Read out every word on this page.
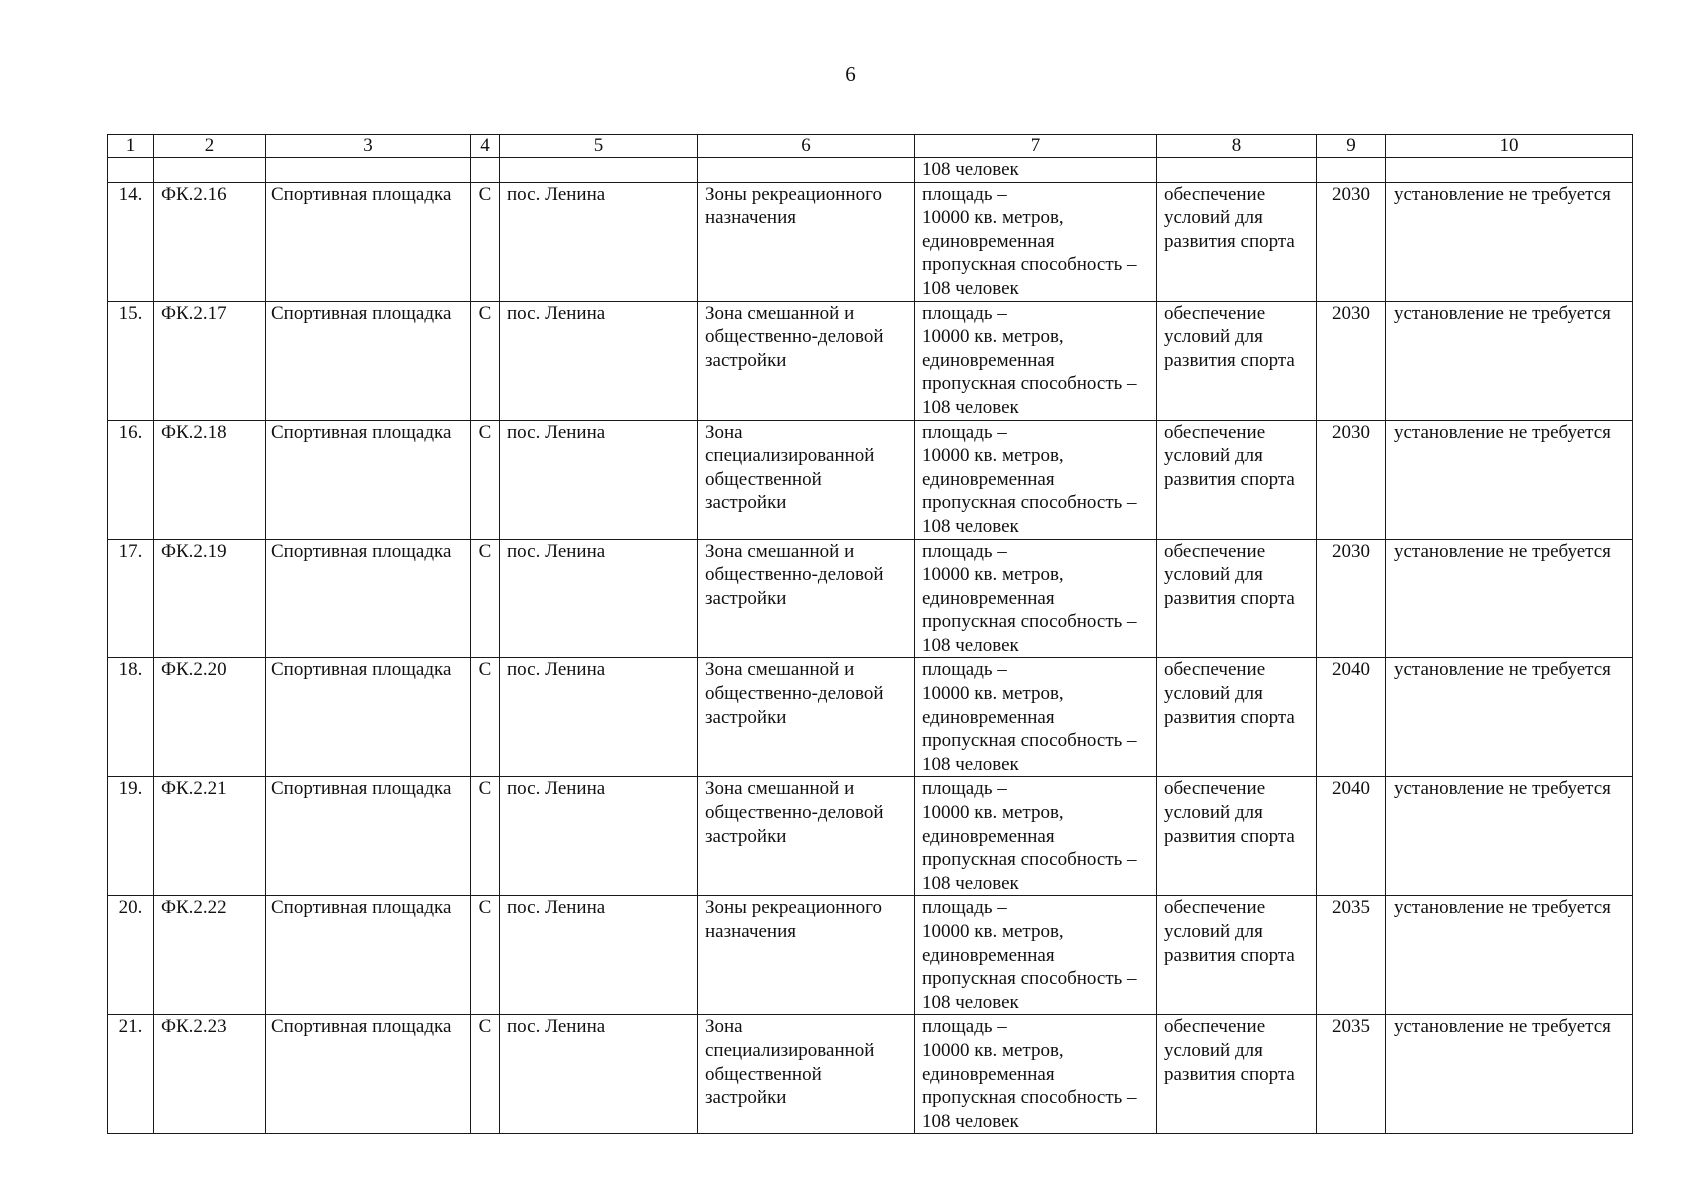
6
1	2	3	4	5	6	7	8	9	10
						108 человек			
14.	ФК.2.16	Спортивная площадка	С	пос. Ленина	Зоны рекреационного
назначения	площадь –
10000 кв. метров,
единовременная
пропускная способность –
108 человек	обеспечение
условий для
развития спорта	2030	установление не требуется
15.	ФК.2.17	Спортивная площадка	С	пос. Ленина	Зона смешанной и
общественно-деловой
застройки	площадь –
10000 кв. метров,
единовременная
пропускная способность –
108 человек	обеспечение
условий для
развития спорта	2030	установление не требуется
16.	ФК.2.18	Спортивная площадка	С	пос. Ленина	Зона
специализированной
общественной
застройки	площадь –
10000 кв. метров,
единовременная
пропускная способность –
108 человек	обеспечение
условий для
развития спорта	2030	установление не требуется
17.	ФК.2.19	Спортивная площадка	С	пос. Ленина	Зона смешанной и
общественно-деловой
застройки	площадь –
10000 кв. метров,
единовременная
пропускная способность –
108 человек	обеспечение
условий для
развития спорта	2030	установление не требуется
18.	ФК.2.20	Спортивная площадка	С	пос. Ленина	Зона смешанной и
общественно-деловой
застройки	площадь –
10000 кв. метров,
единовременная
пропускная способность –
108 человек	обеспечение
условий для
развития спорта	2040	установление не требуется
19.	ФК.2.21	Спортивная площадка	С	пос. Ленина	Зона смешанной и
общественно-деловой
застройки	площадь –
10000 кв. метров,
единовременная
пропускная способность –
108 человек	обеспечение
условий для
развития спорта	2040	установление не требуется
20.	ФК.2.22	Спортивная площадка	С	пос. Ленина	Зоны рекреационного
назначения	площадь –
10000 кв. метров,
единовременная
пропускная способность –
108 человек	обеспечение
условий для
развития спорта	2035	установление не требуется
21.	ФК.2.23	Спортивная площадка	С	пос. Ленина	Зона
специализированной
общественной
застройки	площадь –
10000 кв. метров,
единовременная
пропускная способность –
108 человек	обеспечение
условий для
развития спорта	2035	установление не требуется
